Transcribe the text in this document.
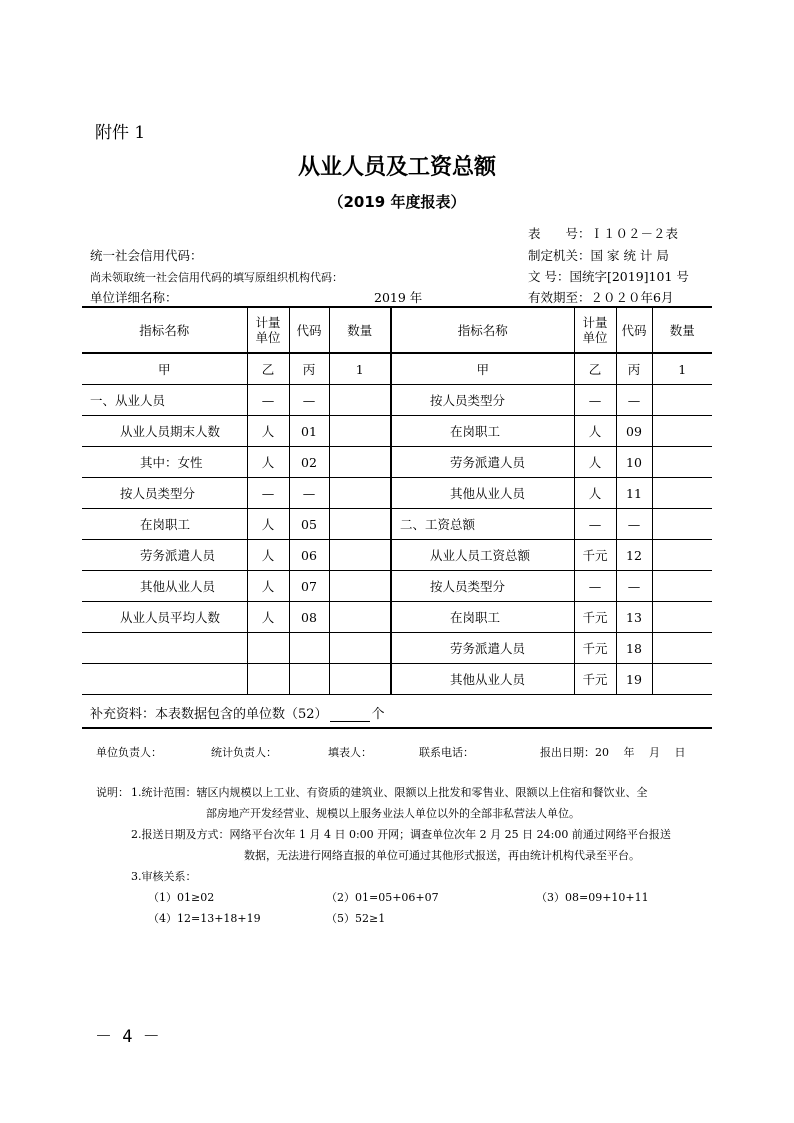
附件 1
从业人员及工资总额
（2019 年度报表）
表　　号：Ｉ１０２－２表
统一社会信用代码：	制定机关：国 家 统 计 局
尚未领取统一社会信用代码的填写原组织机构代码：	文 号：国统字[2019]101 号
单位详细名称：	2019 年	有效期至：２０２０年6月
指标名称	计量
单位	代码	数量	指标名称	计量
单位	代码	数量
甲	乙	丙	1	甲	乙	丙	1
一、从业人员	—	—		按人员类型分	—	—	
从业人员期末人数	人	01		在岗职工	人	09	
其中：女性	人	02		劳务派遣人员	人	10	
按人员类型分	—	—		其他从业人员	人	11	
在岗职工	人	05		二、工资总额	—	—	
劳务派遣人员	人	06		从业人员工资总额	千元	12	
其他从业人员	人	07		按人员类型分	—	—	
从业人员平均人数	人	08		在岗职工	千元	13	
				劳务派遣人员	千元	18	
				其他从业人员	千元	19	
补充资料：本表数据包含的单位数（52）	个
单位负责人：	统计负责人：	填表人：	联系电话：	报出日期：20　 年　 月　 日
说明： 1.统计范围：辖区内规模以上工业、有资质的建筑业、限额以上批发和零售业、限额以上住宿和餐饮业、全
部房地产开发经营业、规模以上服务业法人单位以外的全部非私营法人单位。
2.报送日期及方式：网络平台次年 1 月 4 日 0:00 开网；调查单位次年 2 月 25 日 24:00 前通过网络平台报送
数据，无法进行网络直报的单位可通过其他形式报送，再由统计机构代录至平台。
3.审核关系：
（1）01≥02	（2）01=05+06+07	（3）08=09+10+11
（4）12=13+18+19	（5）52≥1
－ 4 －
